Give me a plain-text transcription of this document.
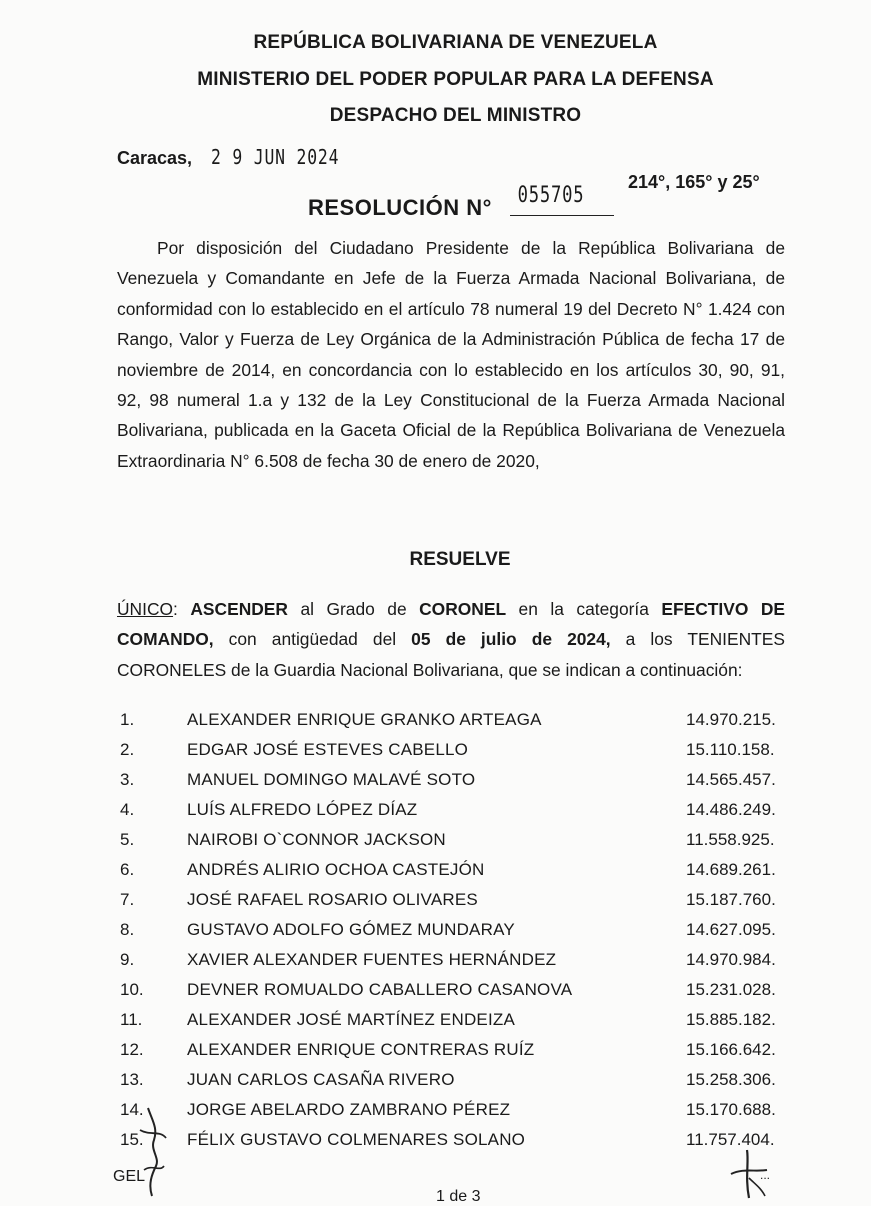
REPÚBLICA BOLIVARIANA DE VENEZUELA
MINISTERIO DEL PODER POPULAR PARA LA DEFENSA
DESPACHO DEL MINISTRO
Caracas, 2 9 JUN 2024
214°, 165° y 25°
RESOLUCIÓN N° 055705
Por disposición del Ciudadano Presidente de la República Bolivariana de Venezuela y Comandante en Jefe de la Fuerza Armada Nacional Bolivariana, de conformidad con lo establecido en el artículo 78 numeral 19 del Decreto N° 1.424 con Rango, Valor y Fuerza de Ley Orgánica de la Administración Pública de fecha 17 de noviembre de 2014, en concordancia con lo establecido en los artículos 30, 90, 91, 92, 98 numeral 1.a y 132 de la Ley Constitucional de la Fuerza Armada Nacional Bolivariana, publicada en la Gaceta Oficial de la República Bolivariana de Venezuela Extraordinaria N° 6.508 de fecha 30 de enero de 2020,
RESUELVE
ÚNICO: ASCENDER al Grado de CORONEL en la categoría EFECTIVO DE COMANDO, con antigüedad del 05 de julio de 2024, a los TENIENTES CORONELES de la Guardia Nacional Bolivariana, que se indican a continuación:
1.	ALEXANDER ENRIQUE GRANKO ARTEAGA	14.970.215.
2.	EDGAR JOSÉ ESTEVES CABELLO	15.110.158.
3.	MANUEL DOMINGO MALAVÉ SOTO	14.565.457.
4.	LUÍS ALFREDO LÓPEZ DÍAZ	14.486.249.
5.	NAIROBI O`CONNOR JACKSON	11.558.925.
6.	ANDRÉS ALIRIO OCHOA CASTEJÓN	14.689.261.
7.	JOSÉ RAFAEL ROSARIO OLIVARES	15.187.760.
8.	GUSTAVO ADOLFO GÓMEZ MUNDARAY	14.627.095.
9.	XAVIER ALEXANDER FUENTES HERNÁNDEZ	14.970.984.
10.	DEVNER ROMUALDO CABALLERO CASANOVA	15.231.028.
11.	ALEXANDER JOSÉ MARTÍNEZ ENDEIZA	15.885.182.
12.	ALEXANDER ENRIQUE CONTRERAS RUÍZ	15.166.642.
13.	JUAN CARLOS CASAÑA RIVERO	15.258.306.
14.	JORGE ABELARDO ZAMBRANO PÉREZ	15.170.688.
15.	FÉLIX GUSTAVO COLMENARES SOLANO	11.757.404.
GEL
1 de 3
...
